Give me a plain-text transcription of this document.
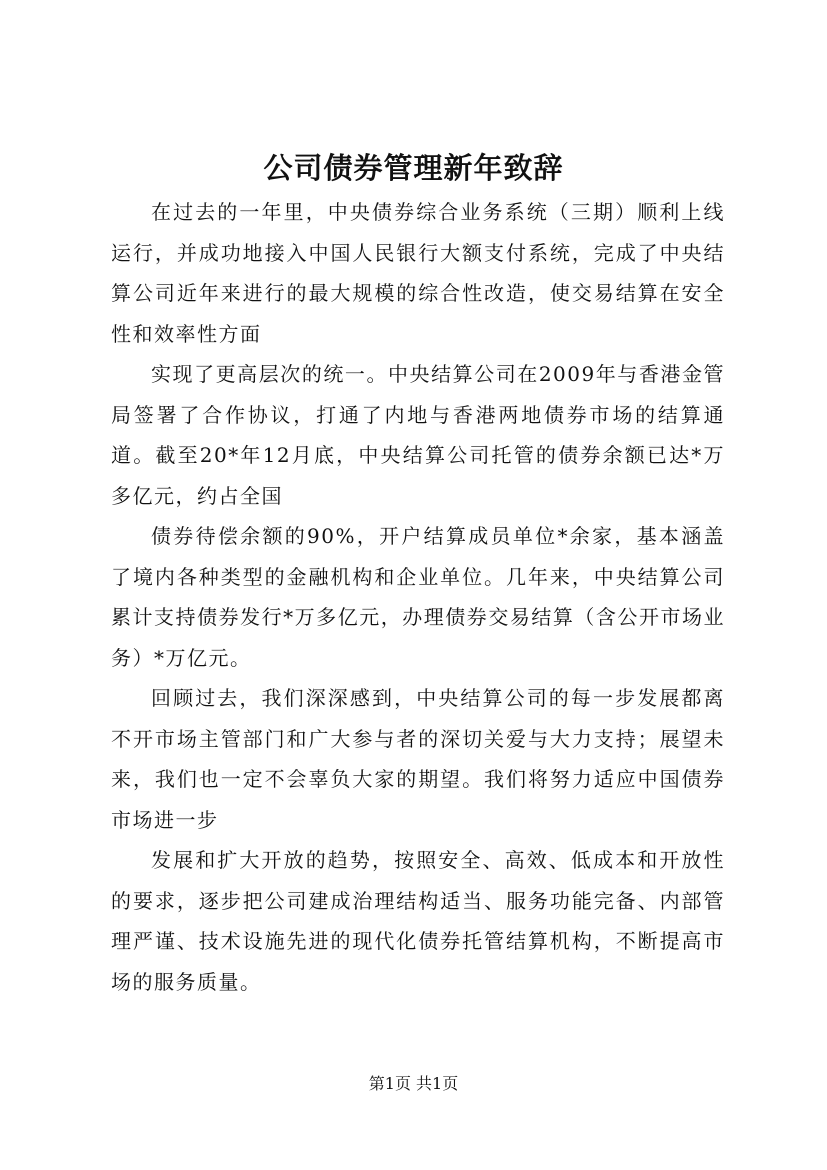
公司债券管理新年致辞

在过去的一年里，中央债券综合业务系统（三期）顺利上线运行，并成功地接入中国人民银行大额支付系统，完成了中央结算公司近年来进行的最大规模的综合性改造，使交易结算在安全性和效率性方面

实现了更高层次的统一。中央结算公司在2009年与香港金管局签署了合作协议，打通了内地与香港两地债券市场的结算通道。截至20*年12月底，中央结算公司托管的债券余额已达*万多亿元，约占全国

债券待偿余额的90%，开户结算成员单位*余家，基本涵盖了境内各种类型的金融机构和企业单位。几年来，中央结算公司累计支持债券发行*万多亿元，办理债券交易结算（含公开市场业务）*万亿元。

回顾过去，我们深深感到，中央结算公司的每一步发展都离不开市场主管部门和广大参与者的深切关爱与大力支持；展望未来，我们也一定不会辜负大家的期望。我们将努力适应中国债券市场进一步

发展和扩大开放的趋势，按照安全、高效、低成本和开放性的要求，逐步把公司建成治理结构适当、服务功能完备、内部管理严谨、技术设施先进的现代化债券托管结算机构，不断提高市场的服务质量。

第1页 共1页
